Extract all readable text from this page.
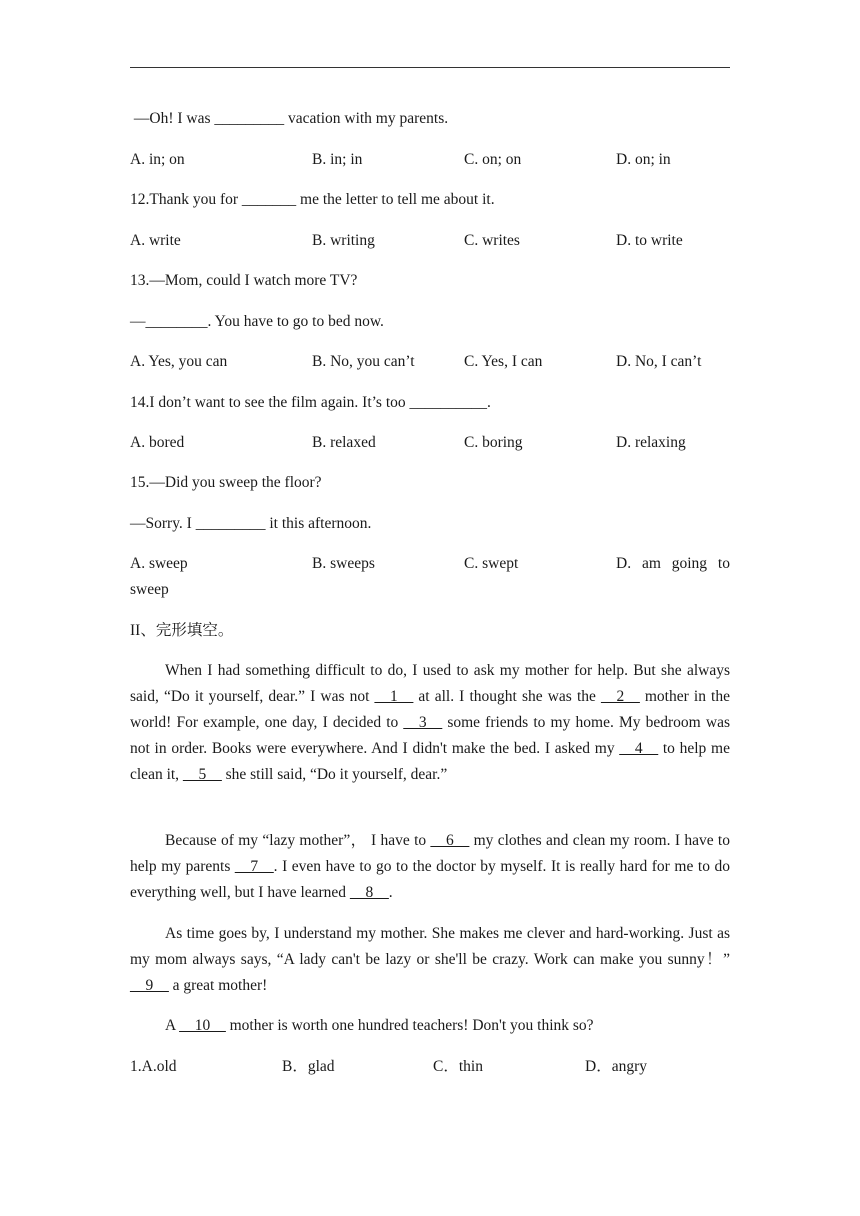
—Oh! I was _________ vacation with my parents.
A. in; on	B. in; in	C. on; on	D. on; in
12.Thank you for _______ me the letter to tell me about it.
A. write	B. writing	C. writes	D. to write
13.—Mom, could I watch more TV?
—________. You have to go to bed now.
A. Yes, you can	B. No, you can’t	C. Yes, I can	D. No, I can’t
14.I don’t want to see the film again. It’s too __________.
A. bored	B. relaxed	C. boring	D. relaxing
15.—Did you sweep the floor?
—Sorry. I _________ it this afternoon.
A. sweep	B. sweeps	C. swept	D. am going to
sweep
II、完形填空。
When I had something difficult to do, I used to ask my mother for help. But she always said, “Do it yourself, dear.” I was not __1__ at all. I thought she was the __2__ mother in the world! For example, one day, I decided to __3__ some friends to my home. My bedroom was not in order. Books were everywhere. And I didn't make the bed. I asked my __4__ to help me clean it, __5__ she still said, “Do it yourself, dear.”
Because of my “lazy mother”， I have to __6__ my clothes and clean my room. I have to help my parents __7__. I even have to go to the doctor by myself. It is really hard for me to do everything well, but I have learned __8__.
As time goes by, I understand my mother. She makes me clever and hard-working. Just as my mom always says, “A lady can't be lazy or she'll be crazy. Work can make you sunny！” __9__ a great mother!
A __10__ mother is worth one hundred teachers! Don't you think so?
1.A.old	B．glad	C．thin	D．angry
